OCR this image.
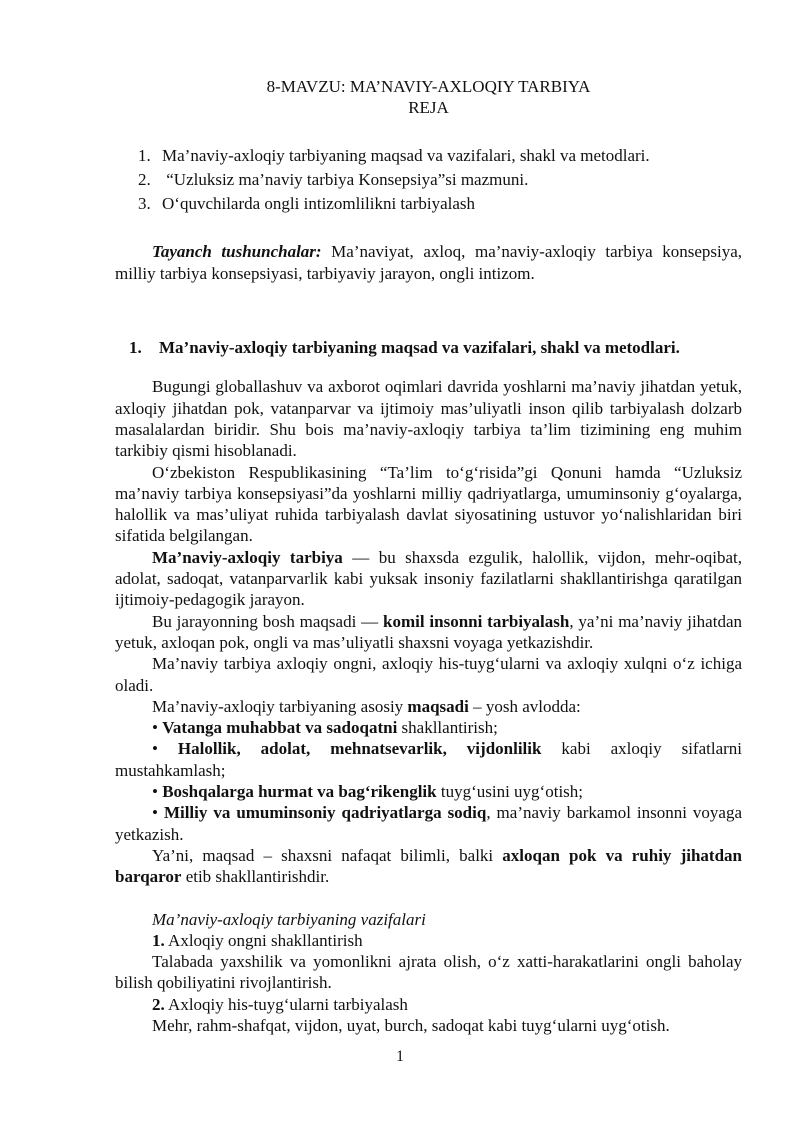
8-MAVZU: MA’NAVIY-AXLOQIY TARBIYA

REJA

1. Ma’naviy-axloqiy tarbiyaning maqsad va vazifalari, shakl va metodlari.
2. “Uzluksiz ma’naviy tarbiya Konsepsiya”si mazmuni.
3. O‘quvchilarda ongli intizomlilikni tarbiyalash

Tayanch tushunchalar: Ma’naviyat, axloq, ma’naviy-axloqiy tarbiya konsepsiya, milliy tarbiya konsepsiyasi, tarbiyaviy jarayon, ongli intizom.

1.	Ma’naviy-axloqiy tarbiyaning maqsad va vazifalari, shakl va metodlari.

Bugungi globallashuv va axborot oqimlari davrida yoshlarni ma’naviy jihatdan yetuk, axloqiy jihatdan pok, vatanparvar va ijtimoiy mas’uliyatli inson qilib tarbiyalash dolzarb masalalardan biridir. Shu bois ma’naviy-axloqiy tarbiya ta’lim tizimining eng muhim tarkibiy qismi hisoblanadi.

O‘zbekiston Respublikasining “Ta’lim to‘g‘risida”gi Qonuni hamda “Uzluksiz ma’naviy tarbiya konsepsiyasi”da yoshlarni milliy qadriyatlarga, umuminsoniy g‘oyalarga, halollik va mas’uliyat ruhida tarbiyalash davlat siyosatining ustuvor yo‘nalishlaridan biri sifatida belgilangan.

Ma’naviy-axloqiy tarbiya — bu shaxsda ezgulik, halollik, vijdon, mehr-oqibat, adolat, sadoqat, vatanparvarlik kabi yuksak insoniy fazilatlarni shakllantirishga qaratilgan ijtimoiy-pedagogik jarayon.

Bu jarayonning bosh maqsadi — komil insonni tarbiyalash, ya’ni ma’naviy jihatdan yetuk, axloqan pok, ongli va mas’uliyatli shaxsni voyaga yetkazishdir.

Ma’naviy tarbiya axloqiy ongni, axloqiy his-tuyg‘ularni va axloqiy xulqni o‘z ichiga oladi.

Ma’naviy-axloqiy tarbiyaning asosiy maqsadi – yosh avlodda:

• Vatanga muhabbat va sadoqatni shakllantirish;

• Halollik, adolat, mehnatsevarlik, vijdonlilik kabi axloqiy sifatlarni mustahkamlash;

• Boshqalarga hurmat va bag‘rikenglik tuyg‘usini uyg‘otish;

• Milliy va umuminsoniy qadriyatlarga sodiq, ma’naviy barkamol insonni voyaga yetkazish.

Ya’ni, maqsad – shaxsni nafaqat bilimli, balki axloqan pok va ruhiy jihatdan barqaror etib shakllantirishdir.

Ma’naviy-axloqiy tarbiyaning vazifalari

1. Axloqiy ongni shakllantirish

Talabada yaxshilik va yomonlikni ajrata olish, o‘z xatti-harakatlarini ongli baholay bilish qobiliyatini rivojlantirish.

2. Axloqiy his-tuyg‘ularni tarbiyalash

Mehr, rahm-shafqat, vijdon, uyat, burch, sadoqat kabi tuyg‘ularni uyg‘otish.

1
